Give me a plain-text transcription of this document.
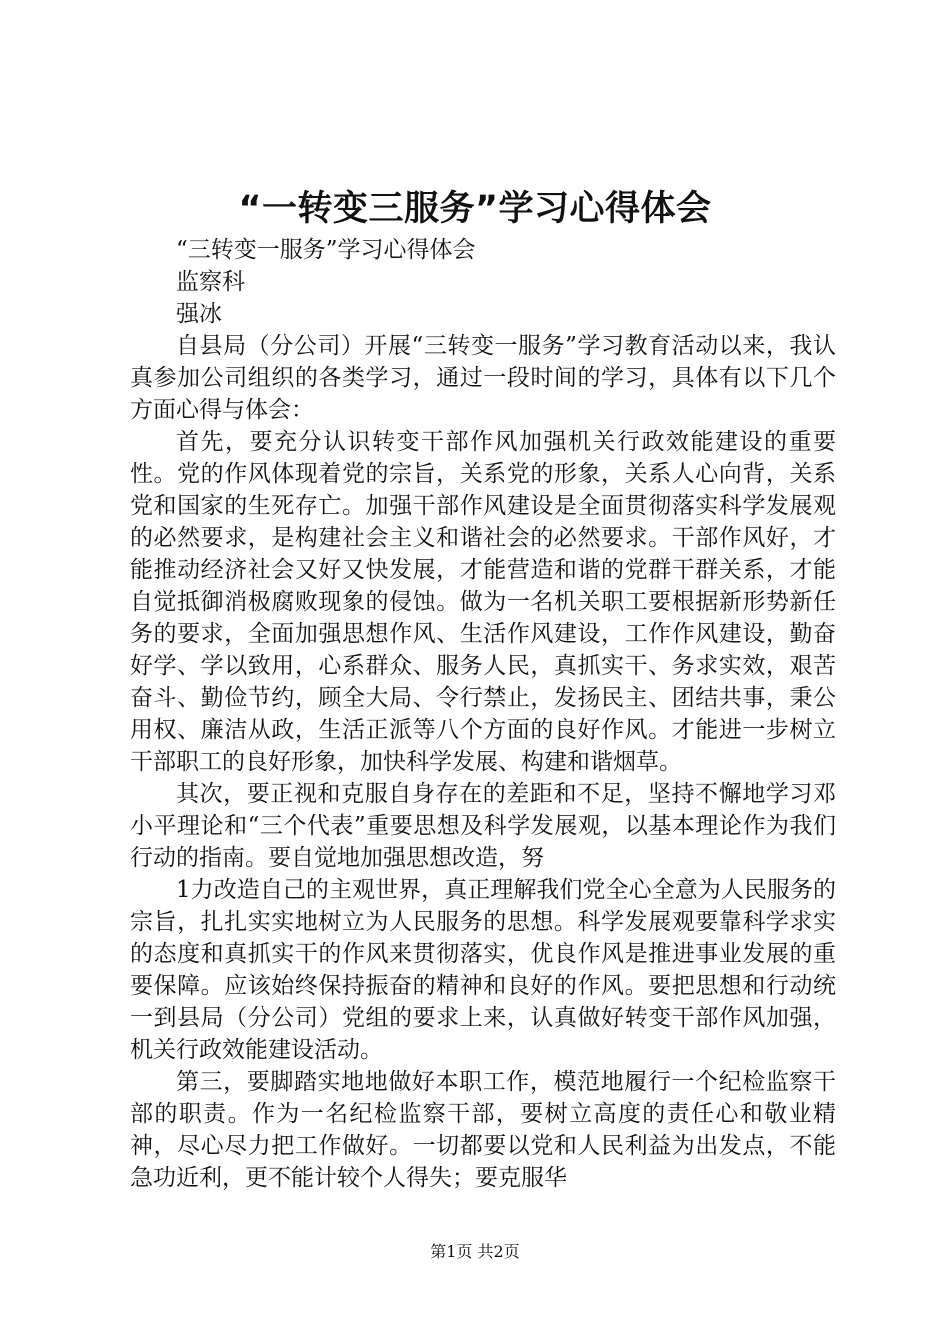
“一转变三服务”学习心得体会

“三转变一服务”学习心得体会

监察科

强冰

自县局（分公司）开展“三转变一服务”学习教育活动以来，我认真参加公司组织的各类学习，通过一段时间的学习，具体有以下几个方面心得与体会：

首先，要充分认识转变干部作风加强机关行政效能建设的重要性。党的作风体现着党的宗旨，关系党的形象，关系人心向背，关系党和国家的生死存亡。加强干部作风建设是全面贯彻落实科学发展观的必然要求，是构建社会主义和谐社会的必然要求。干部作风好，才能推动经济社会又好又快发展，才能营造和谐的党群干群关系，才能自觉抵御消极腐败现象的侵蚀。做为一名机关职工要根据新形势新任务的要求，全面加强思想作风、生活作风建设，工作作风建设，勤奋好学、学以致用，心系群众、服务人民，真抓实干、务求实效，艰苦奋斗、勤俭节约，顾全大局、令行禁止，发扬民主、团结共事，秉公用权、廉洁从政，生活正派等八个方面的良好作风。才能进一步树立干部职工的良好形象，加快科学发展、构建和谐烟草。

其次，要正视和克服自身存在的差距和不足，坚持不懈地学习邓小平理论和“三个代表”重要思想及科学发展观，以基本理论作为我们行动的指南。要自觉地加强思想改造，努

1力改造自己的主观世界，真正理解我们党全心全意为人民服务的宗旨，扎扎实实地树立为人民服务的思想。科学发展观要靠科学求实的态度和真抓实干的作风来贯彻落实，优良作风是推进事业发展的重要保障。应该始终保持振奋的精神和良好的作风。要把思想和行动统一到县局（分公司）党组的要求上来，认真做好转变干部作风加强，机关行政效能建设活动。

第三，要脚踏实地地做好本职工作，模范地履行一个纪检监察干部的职责。作为一名纪检监察干部，要树立高度的责任心和敬业精神，尽心尽力把工作做好。一切都要以党和人民利益为出发点，不能急功近利，更不能计较个人得失；要克服华

第1页 共2页
